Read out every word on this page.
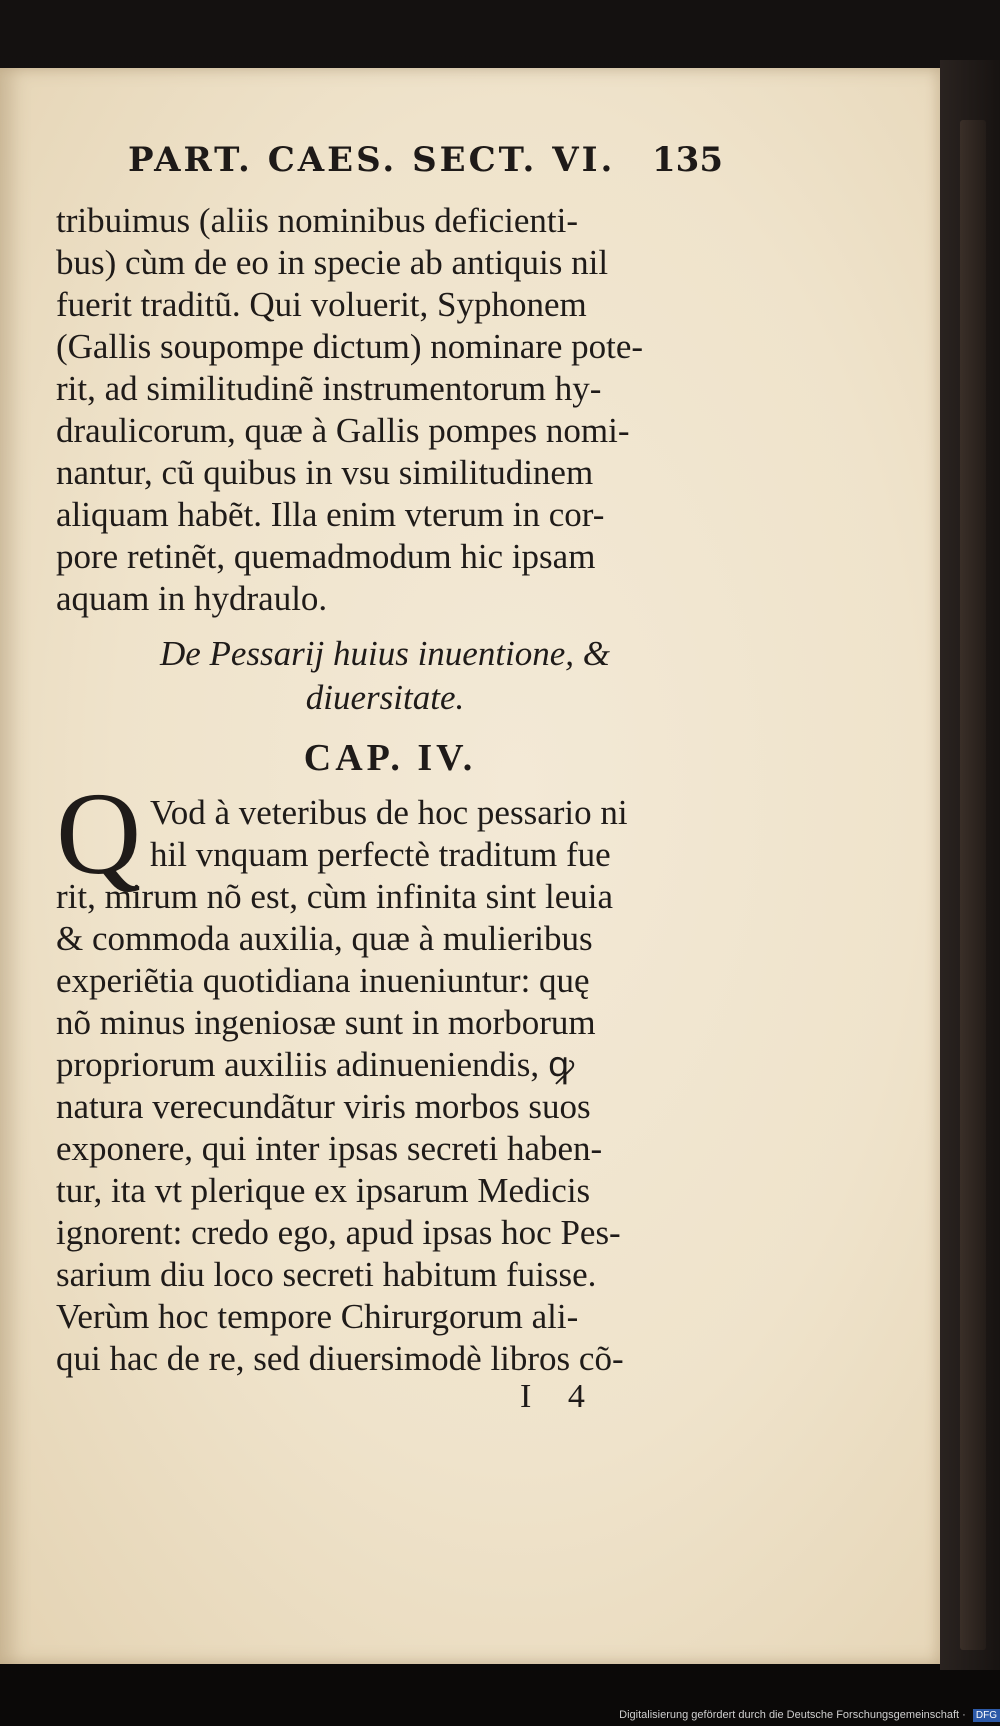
PART. CAES. SECT. VI.	135
tribuimus (aliis nominibus deficienti-
bus) cùm de eo in specie ab antiquis nil
fuerit traditũ. Qui voluerit, Syphonem
(Gallis soupompe dictum) nominare pote-
rit, ad similitudinẽ instrumentorum hy-
draulicorum, quæ à Gallis pompes nomi-
nantur, cũ quibus in vsu similitudinem
aliquam habẽt. Illa enim vterum in cor-
pore retinẽt, quemadmodum hic ipsam
aquam in hydraulo.
De Pessarij huius inuentione, &
diuersitate.
CAP. IV.
Q Vod à veteribus de hoc pessario ni
hil vnquam perfectè traditum fue
rit, mirum nõ est, cùm infinita sint leuia
& commoda auxilia, quæ à mulieribus
experiẽtia quotidiana inueniuntur: quę
nõ minus ingeniosæ sunt in morborum
propriorum auxiliis adinueniendis, ꝙ
natura verecundãtur viris morbos suos
exponere, qui inter ipsas secreti haben-
tur, ita vt plerique ex ipsarum Medicis
ignorent: credo ego, apud ipsas hoc Pes-
sarium diu loco secreti habitum fuisse.
Verùm hoc tempore Chirurgorum ali-
qui hac de re, sed diuersimodè libros cõ-
I 4
Digitalisierung gefördert durch die Deutsche Forschungsgemeinschaft · DFG
